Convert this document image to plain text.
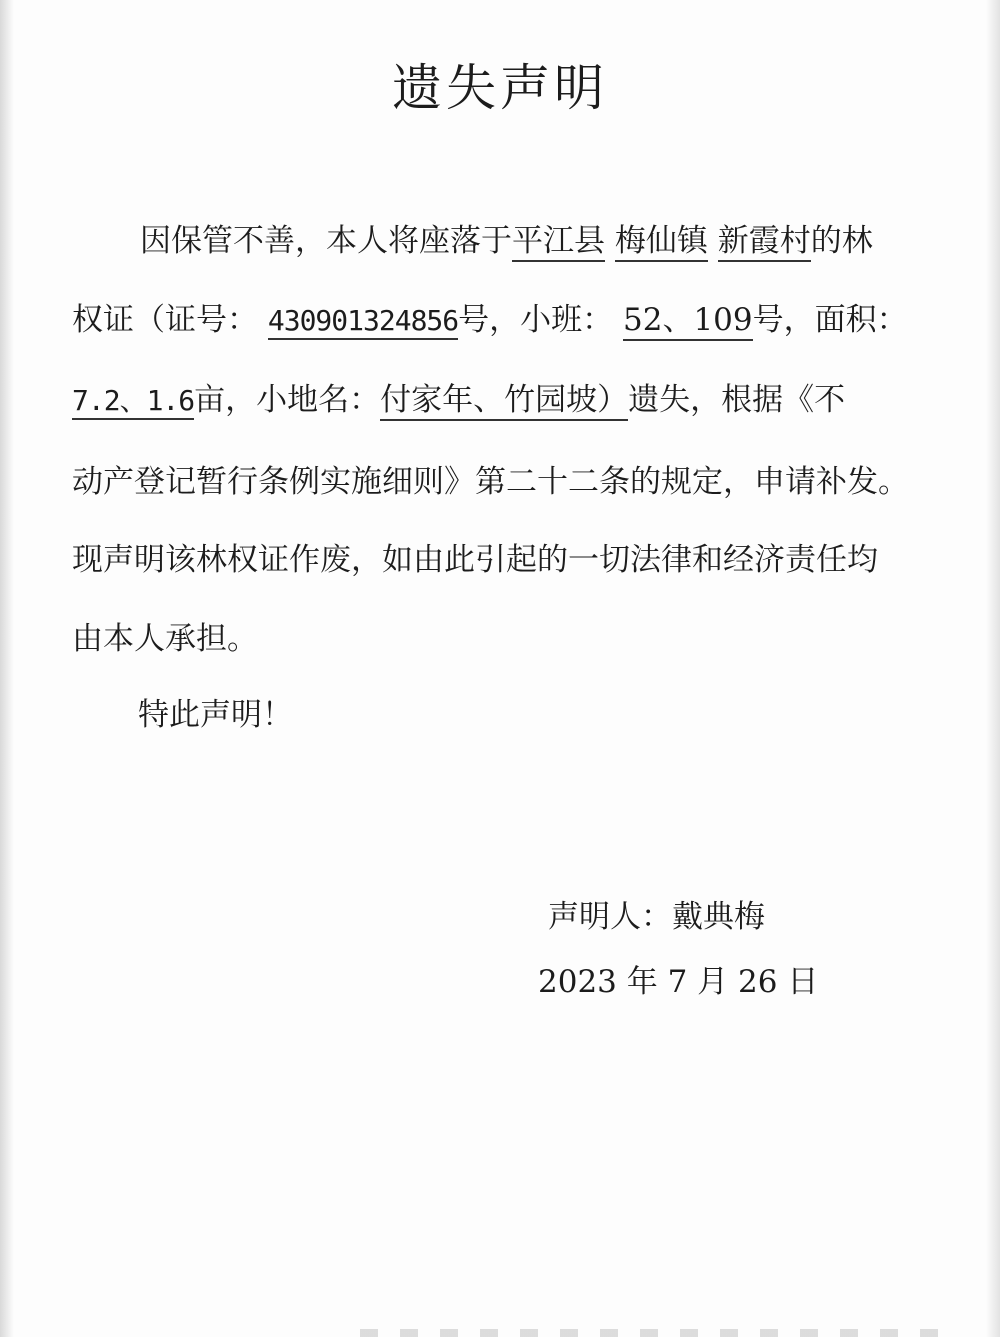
遗失声明
因保管不善，本人将座落于平江县 梅仙镇 新霞村的林
权证（证号： 430901324856号，小班： 52、109号，面积：
7.2、1.6亩，小地名：付家年、竹园坡）遗失，根据《不
动产登记暂行条例实施细则》第二十二条的规定，申请补发。
现声明该林权证作废，如由此引起的一切法律和经济责任均
由本人承担。
特此声明！
声明人：戴典梅
2023 年 7 月 26 日
